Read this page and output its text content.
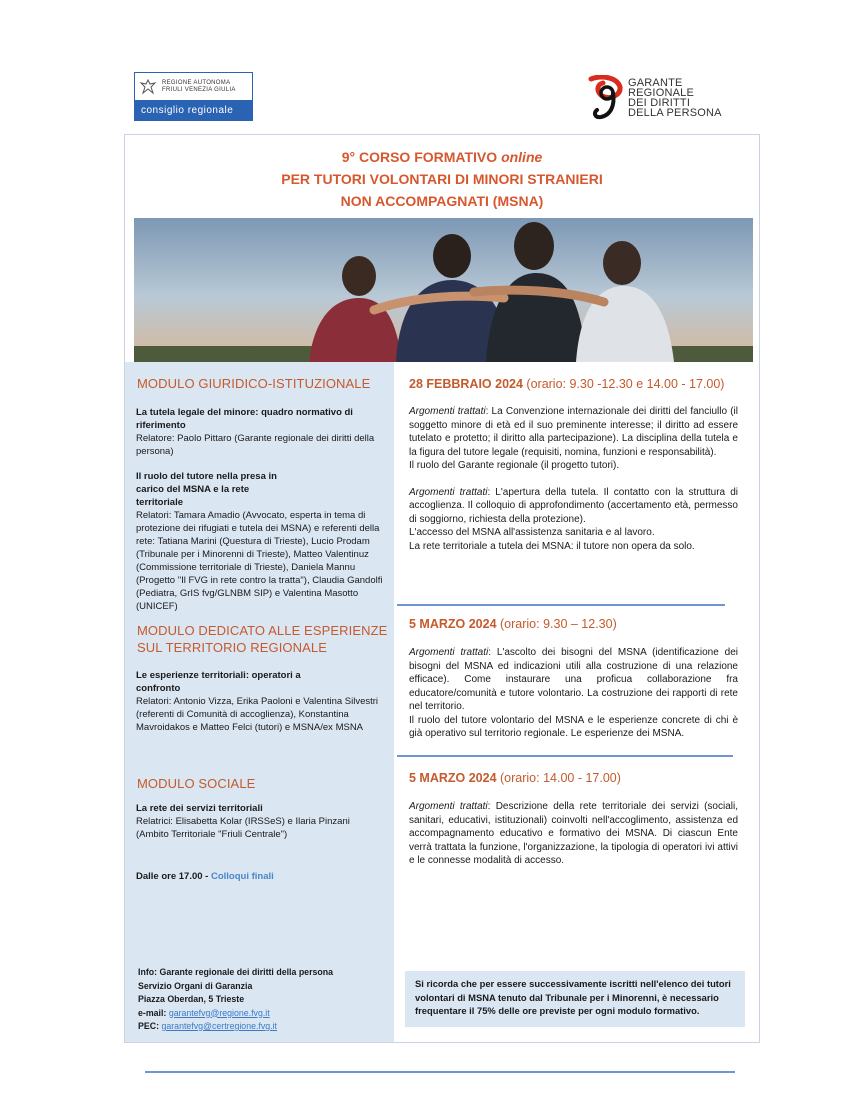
REGIONE AUTONOMA
FRIULI VENEZIA GIULIA
consiglio regionale
GARANTE
REGIONALE
DEI DIRITTI
DELLA PERSONA
9° CORSO FORMATIVO online
PER TUTORI VOLONTARI DI MINORI STRANIERI
NON ACCOMPAGNATI (MSNA)
MODULO GIURIDICO-ISTITUZIONALE	28 FEBBRAIO 2024 (orario: 9.30 -12.30 e 14.00 - 17.00)
La tutela legale del minore: quadro normativo di riferimento
Relatore: Paolo Pittaro (Garante regionale dei diritti della persona)
Il ruolo del tutore nella presa in carico del MSNA e la rete territoriale
Relatori: Tamara Amadio (Avvocato, esperta in tema di protezione dei rifugiati e tutela dei MSNA) e referenti della rete: Tatiana Marini (Questura di Trieste), Lucio Prodam (Tribunale per i Minorenni di Trieste), Matteo Valentinuz (Commissione territoriale di Trieste), Daniela Mannu (Progetto "Il FVG in rete contro la tratta"), Claudia Gandolfi (Pediatra, GrIS fvg/GLNBM SIP) e Valentina Masotto (UNICEF)
Argomenti trattati: La Convenzione internazionale dei diritti del fanciullo (il soggetto minore di età ed il suo preminente interesse; il diritto ad essere tutelato e protetto; il diritto alla partecipazione). La disciplina della tutela e la figura del tutore legale (requisiti, nomina, funzioni e responsabilità).
Il ruolo del Garante regionale (il progetto tutori).
Argomenti trattati: L'apertura della tutela. Il contatto con la struttura di accoglienza. Il colloquio di approfondimento (accertamento età, permesso di soggiorno, richiesta della protezione).
L'accesso del MSNA all'assistenza sanitaria e al lavoro.
La rete territoriale a tutela dei MSNA: il tutore non opera da solo.
MODULO DEDICATO ALLE ESPERIENZE
SUL TERRITORIO REGIONALE
5 MARZO 2024 (orario: 9.30 – 12.30)
Le esperienze territoriali: operatori a confronto
Relatori: Antonio Vizza, Erika Paoloni e Valentina Silvestri (referenti di Comunità di accoglienza), Konstantina Mavroidakos e Matteo Felci (tutori) e MSNA/ex MSNA
Argomenti trattati: L'ascolto dei bisogni del MSNA (identificazione dei bisogni del MSNA ed indicazioni utili alla costruzione di una relazione efficace). Come instaurare una proficua collaborazione fra educatore/comunità e tutore volontario. La costruzione dei rapporti di rete nel territorio.
Il ruolo del tutore volontario del MSNA e le esperienze concrete di chi è già operativo sul territorio regionale. Le esperienze dei MSNA.
MODULO SOCIALE	5 MARZO 2024 (orario: 14.00 - 17.00)
La rete dei servizi territoriali
Relatrici: Elisabetta Kolar (IRSSeS) e Ilaria Pinzani (Ambito Territoriale "Friuli Centrale")
Argomenti trattati: Descrizione della rete territoriale dei servizi (sociali, sanitari, educativi, istituzionali) coinvolti nell'accoglimento, assistenza ed accompagnamento educativo e formativo dei MSNA. Di ciascun Ente verrà trattata la funzione, l'organizzazione, la tipologia di operatori ivi attivi e le connesse modalità di accesso.
Dalle ore 17.00 - Colloqui finali
Info: Garante regionale dei diritti della persona
Servizio Organi di Garanzia
Piazza Oberdan, 5 Trieste
e-mail: garantefvg@regione.fvg.it
PEC: garantefvg@certregione.fvg.it
Si ricorda che per essere successivamente iscritti nell'elenco dei tutori volontari di MSNA tenuto dal Tribunale per i Minorenni, è necessario frequentare il 75% delle ore previste per ogni modulo formativo.
